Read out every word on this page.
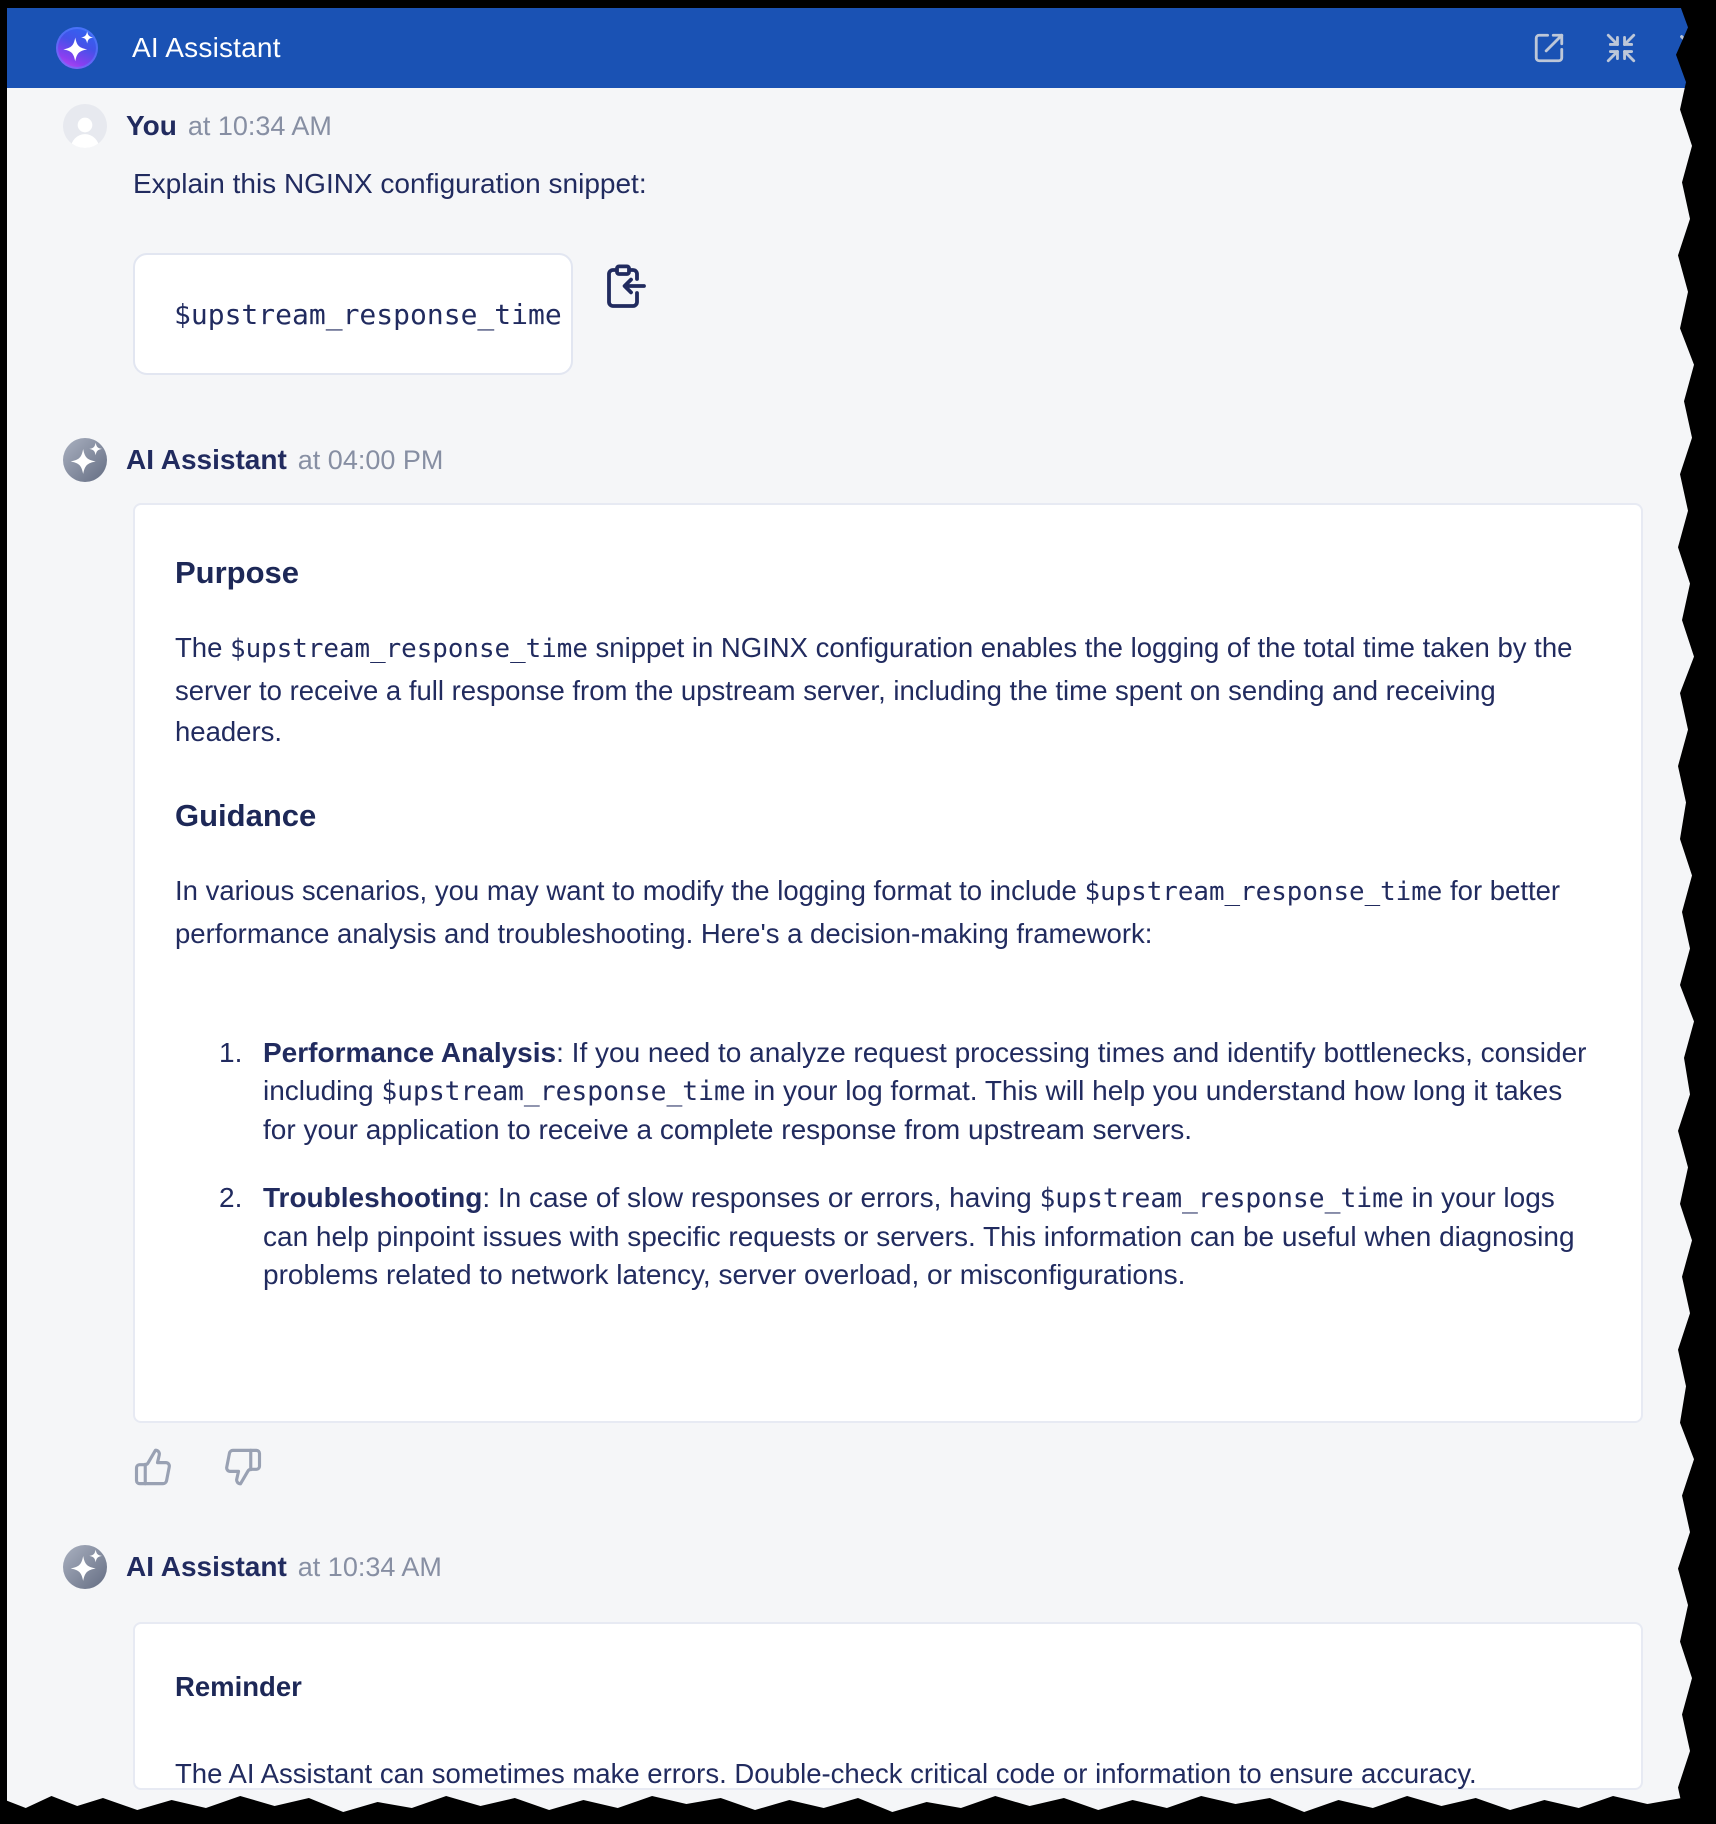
AI Assistant
You at 10:34 AM
Explain this NGINX configuration snippet:
$upstream_response_time
AI Assistant at 04:00 PM
Purpose

The $upstream_response_time snippet in NGINX configuration enables the logging of the total time taken by the server to receive a full response from the upstream server, including the time spent on sending and receiving headers.

Guidance

In various scenarios, you may want to modify the logging format to include $upstream_response_time for better performance analysis and troubleshooting. Here's a decision-making framework:

1. Performance Analysis: If you need to analyze request processing times and identify bottlenecks, consider including $upstream_response_time in your log format. This will help you understand how long it takes for your application to receive a complete response from upstream servers.
2. Troubleshooting: In case of slow responses or errors, having $upstream_response_time in your logs can help pinpoint issues with specific requests or servers. This information can be useful when diagnosing problems related to network latency, server overload, or misconfigurations.
AI Assistant at 10:34 AM

Reminder

The AI Assistant can sometimes make errors. Double-check critical code or information to ensure accuracy.
